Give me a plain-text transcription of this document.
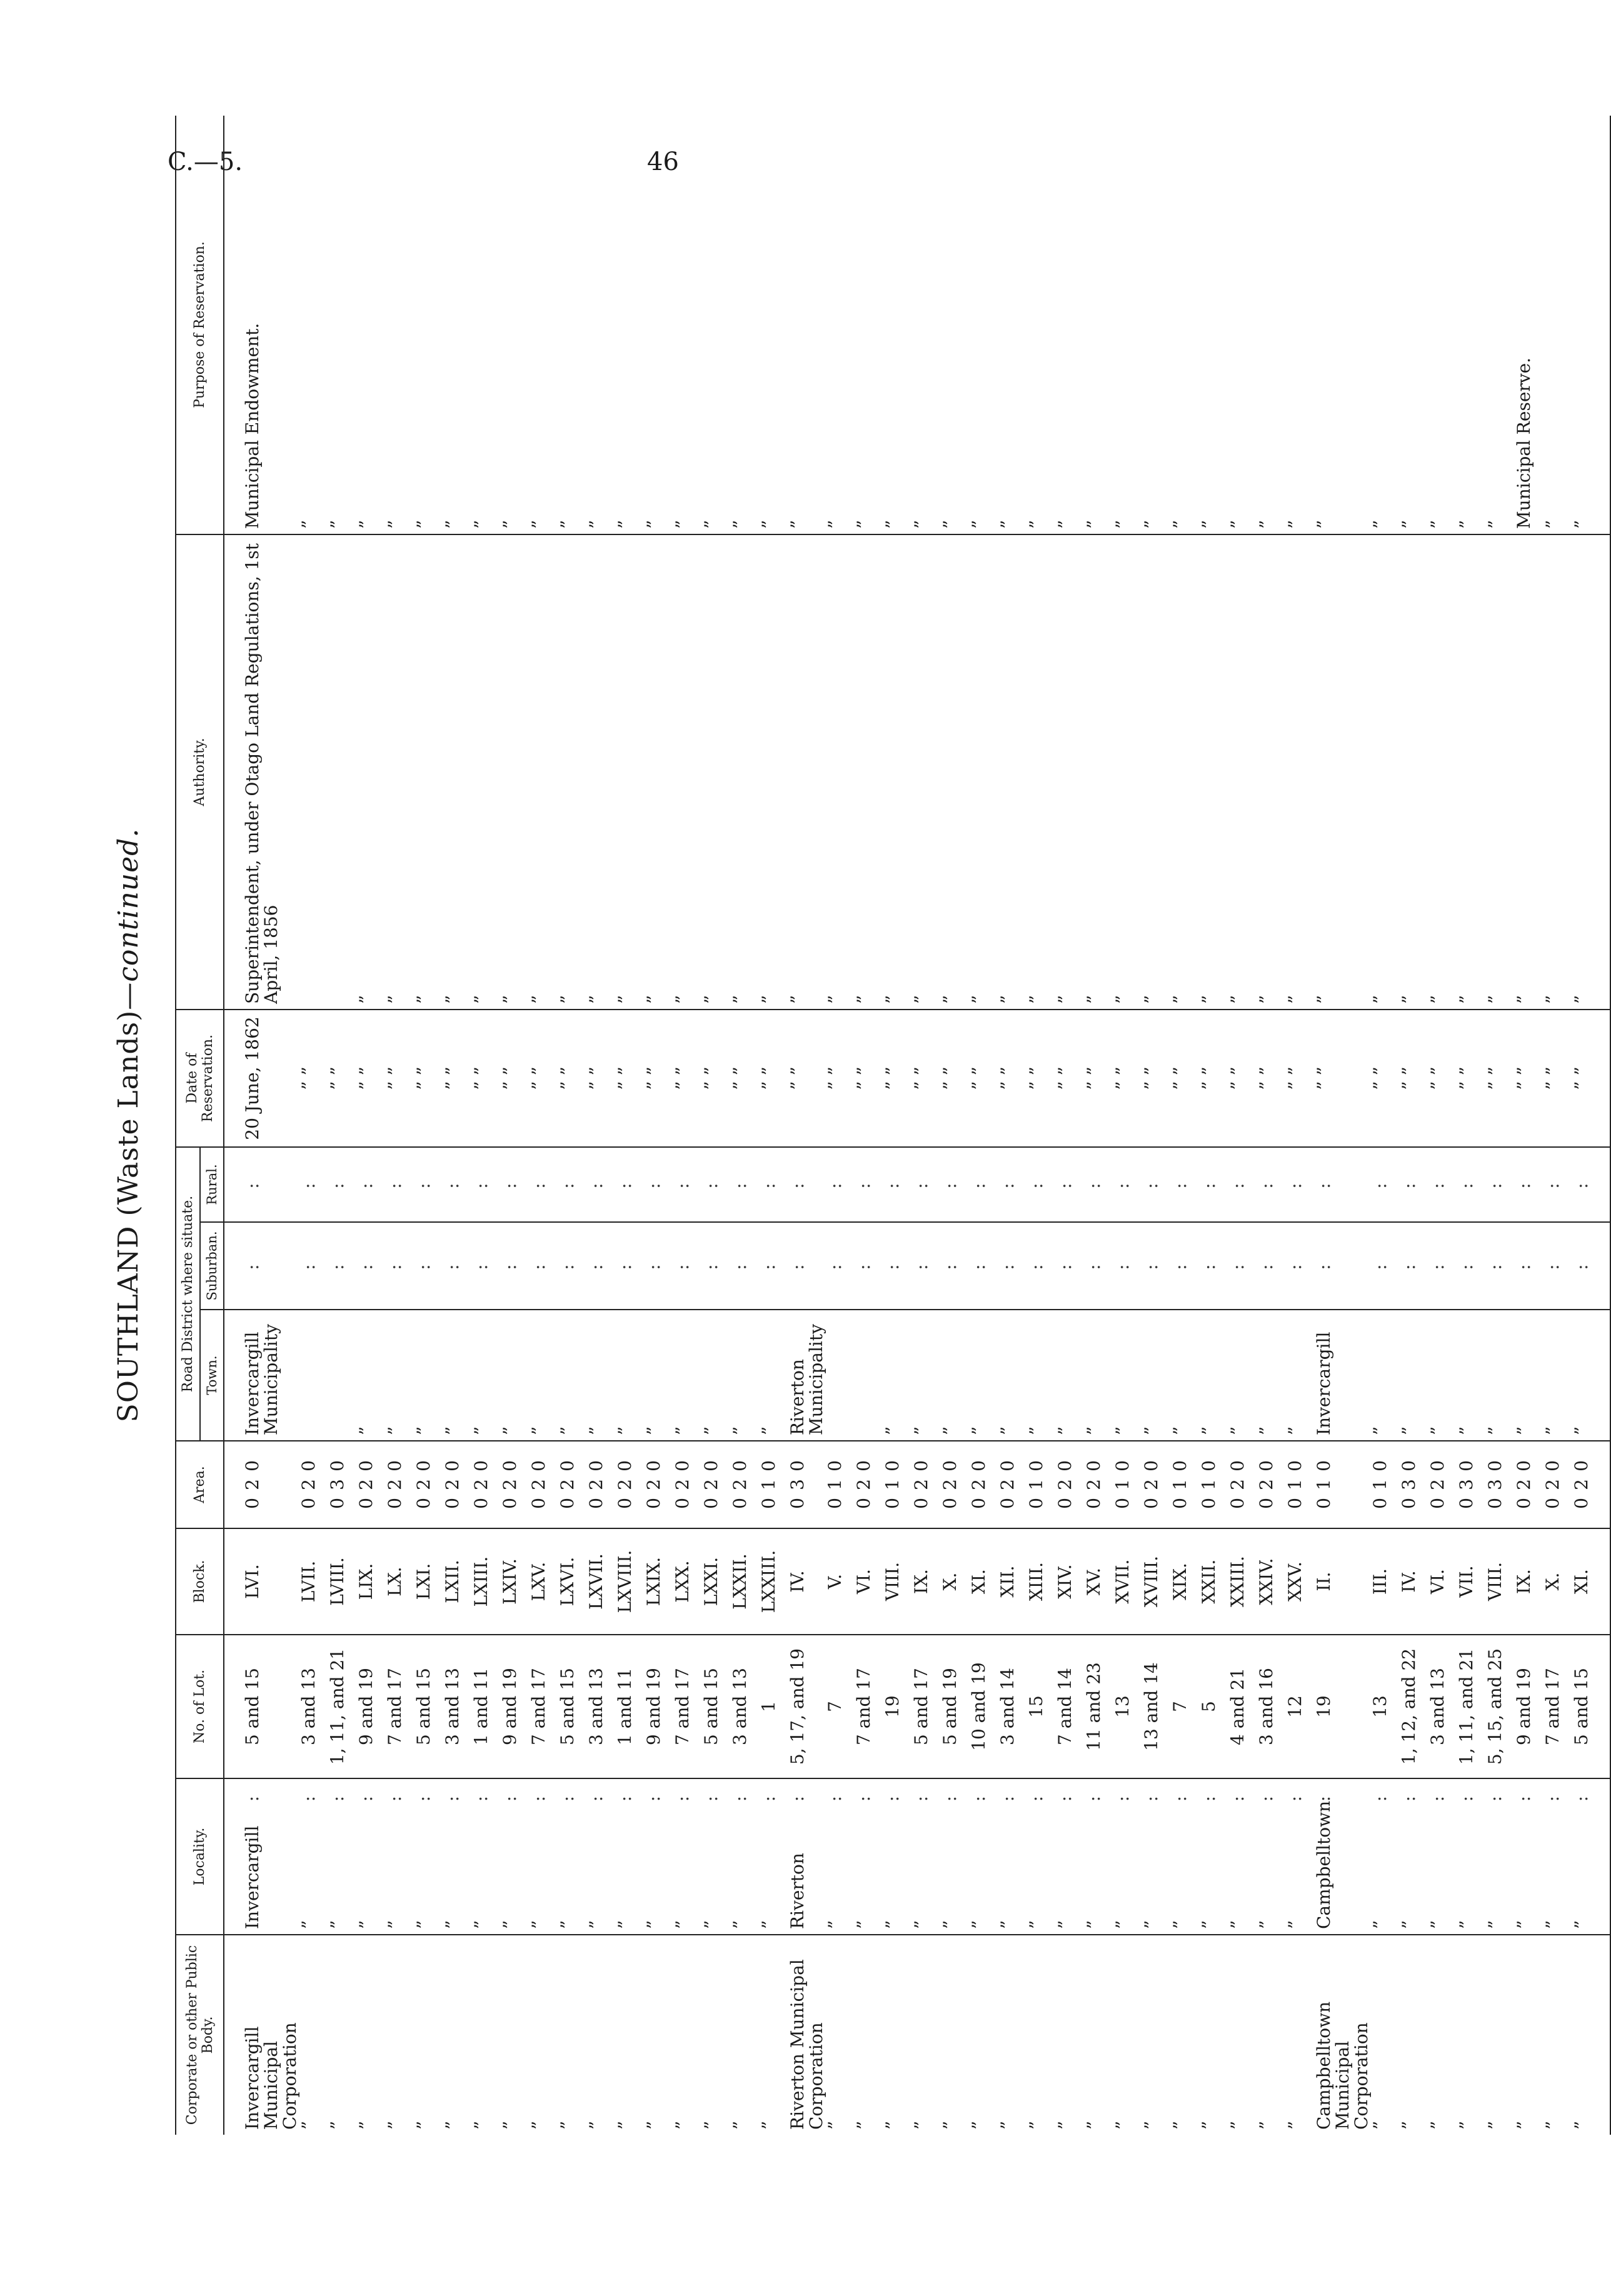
C.—5.	46
SOUTHLAND (Waste Lands)—continued.
Corporate or other Public Body.	Locality.		No. of Lot.	Block.	Area.	Road District where situate.			Date of Reservation.	Authority.	Purpose of Reservation.
						Town.	Suburban.	Rural.			
Invercargill Municipal Corporation	Invercargill	:	5 and 15	LVI.	020	Invercargill Municipality	:	:	20 June, 1862	Superintendent, under Otago Land Regulations, 1st April, 1856	Municipal Endowment.
”	”	:	3 and 13	LVII.	020		:	:	” ”		”
”	”	:	1, 11, and 21	LVIII.	030		:	:	” ”		”
”	”	:	9 and 19	LIX.	020	”	:	:	” ”	”	”
”	”	:	7 and 17	LX.	020	”	:	:	” ”	”	”
”	”	:	5 and 15	LXI.	020	”	:	:	” ”	”	”
”	”	:	3 and 13	LXII.	020	”	:	:	” ”	”	”
”	”	:	1 and 11	LXIII.	020	”	:	:	” ”	”	”
”	”	:	9 and 19	LXIV.	020	”	:	:	” ”	”	”
”	”	:	7 and 17	LXV.	020	”	:	:	” ”	”	”
”	”	:	5 and 15	LXVI.	020	”	:	:	” ”	”	”
”	”	:	3 and 13	LXVII.	020	”	:	:	” ”	”	”
”	”	:	1 and 11	LXVIII.	020	”	:	:	” ”	”	”
”	”	:	9 and 19	LXIX.	020	”	:	:	” ”	”	”
”	”	:	7 and 17	LXX.	020	”	:	:	” ”	”	”
”	”	:	5 and 15	LXXI.	020	”	:	:	” ”	”	”
”	”	:	3 and 13	LXXII.	020	”	:	:	” ”	”	”
”	”	:	1	LXXIII.	010	”	:	:	” ”	”	”
Riverton Municipal Corporation	Riverton	:	5, 17, and 19	IV.	030	Riverton Municipality	:	:	” ”	”	”
”	”	:	7	V.	010		:	:	” ”	”	”
”	”	:	7 and 17	VI.	020		:	:	” ”	”	”
”	”	:	19	VIII.	010	”	:	:	” ”	”	”
”	”	:	5 and 17	IX.	020	”	:	:	” ”	”	”
”	”	:	5 and 19	X.	020	”	:	:	” ”	”	”
”	”	:	10 and 19	XI.	020	”	:	:	” ”	”	”
”	”	:	3 and 14	XII.	020	”	:	:	” ”	”	”
”	”	:	15	XIII.	010	”	:	:	” ”	”	”
”	”	:	7 and 14	XIV.	020	”	:	:	” ”	”	”
”	”	:	11 and 23	XV.	020	”	:	:	” ”	”	”
”	”	:	13	XVII.	010	”	:	:	” ”	”	”
”	”	:	13 and 14	XVIII.	020	”	:	:	” ”	”	”
”	”	:	7	XIX.	010	”	:	:	” ”	”	”
”	”	:	5	XXII.	010	”	:	:	” ”	”	”
”	”	:	4 and 21	XXIII.	020	”	:	:	” ”	”	”
”	”	:	3 and 16	XXIV.	020	”	:	:	” ”	”	”
”	”	:	12	XXV.	010	”	:	:	” ”	”	”
Campbelltown Municipal Corporation	Campbelltown	:	19	II.	010	Invercargill	:	:	” ”	”	”
”	”	:	13	III.	010	”	:	:	” ”	”	”
”	”	:	1, 12, and 22	IV.	030	”	:	:	” ”	”	”
”	”	:	3 and 13	VI.	020	”	:	:	” ”	”	”
”	”	:	1, 11, and 21	VII.	030	”	:	:	” ”	”	”
”	”	:	5, 15, and 25	VIII.	030	”	:	:	” ”	”	”
”	”	:	9 and 19	IX.	020	”	:	:	” ”	”	Municipal Reserve.
”	”	:	7 and 17	X.	020	”	:	:	” ”	”	”
”	”	:	5 and 15	XI.	020	”	:	:	” ”	”	”
